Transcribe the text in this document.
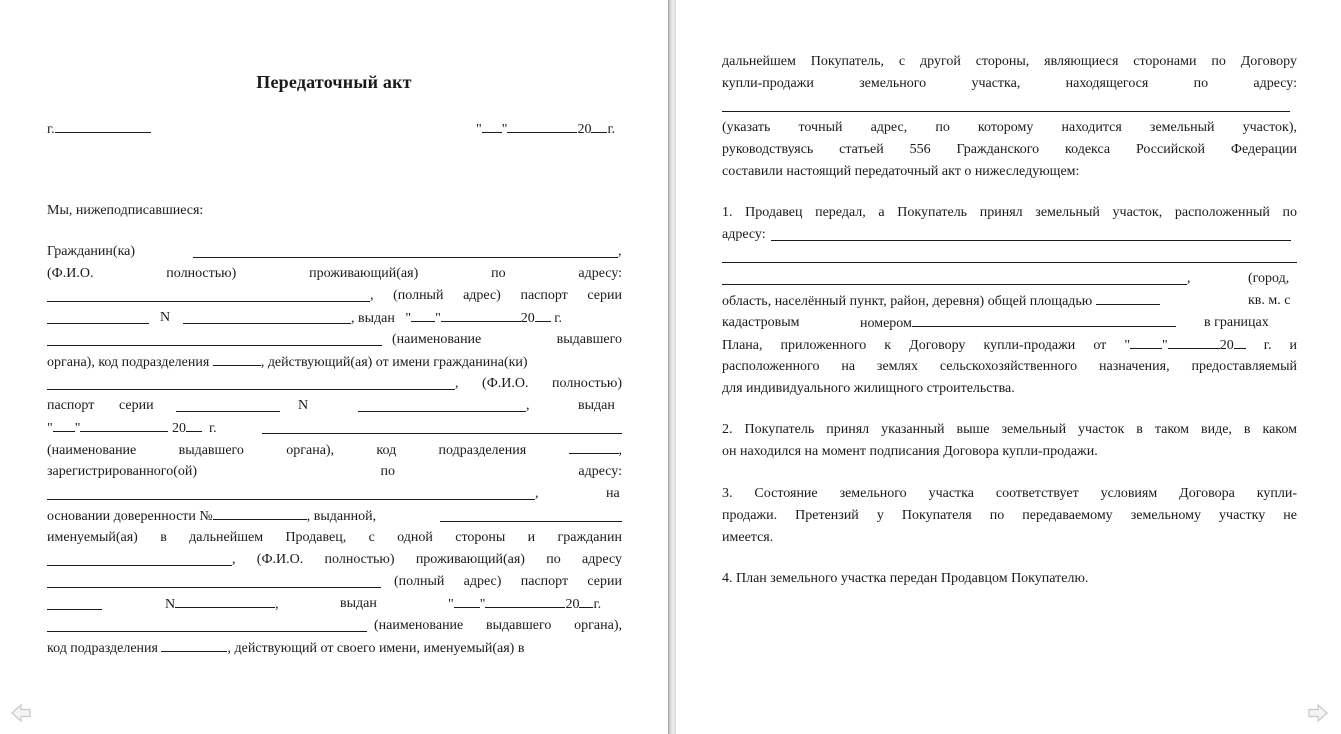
Передаточный акт
г.	" "	20 г.
Мы, нижеподписавшиеся:
Гражданин(ка)	,
(Ф.И.О.	полностью)	проживающий(ая)	по	адресу:
, (полный адрес) паспорт серии
N	, выдан " "	20 г.
(наименование выдавшего
органа), код подразделения	, действующий(ая) от имени гражданина(ки)
, (Ф.И.О. полностью)
паспорт серии	N	,	выдан
" "	20 г.
(наименование	выдавшего	органа),	код	подразделения	,
зарегистрированного(ой)	по	адресу:
,	на
основании доверенности №	, выданной,
именуемый(ая) в дальнейшем Продавец, с одной стороны и гражданин
, (Ф.И.О. полностью) проживающий(ая) по адресу
(полный адрес) паспорт серии
N	,	выдан	" "	20 г.
(наименование выдавшего органа),
код подразделения	, действующий от своего имени, именуемый(ая) в
дальнейшем Покупатель, с другой стороны, являющиеся сторонами по Договору
купли-продажи земельного участка, находящегося по адресу:
(указать точный адрес, по которому находится земельный участок),
руководствуясь статьей 556 Гражданского кодекса Российской Федерации
составили настоящий передаточный акт о нижеследующем:
1. Продавец передал, а Покупатель принял земельный участок, расположенный по
адресу:
,	(город,
область, населённый пункт, район, деревня) общей площадью	кв. м. с
кадастровым	номером	в границах
Плана, приложенного к Договору купли-продажи от " "	20 г. и
расположенного на землях сельскохозяйственного назначения, предоставляемый
для индивидуального жилищного строительства.
2. Покупатель принял указанный выше земельный участок в таком виде, в каком
он находился на момент подписания Договора купли-продажи.
3. Состояние земельного участка соответствует условиям Договора купли-
продажи. Претензий у Покупателя по передаваемому земельному участку не
имеется.
4. План земельного участка передан Продавцом Покупателю.
